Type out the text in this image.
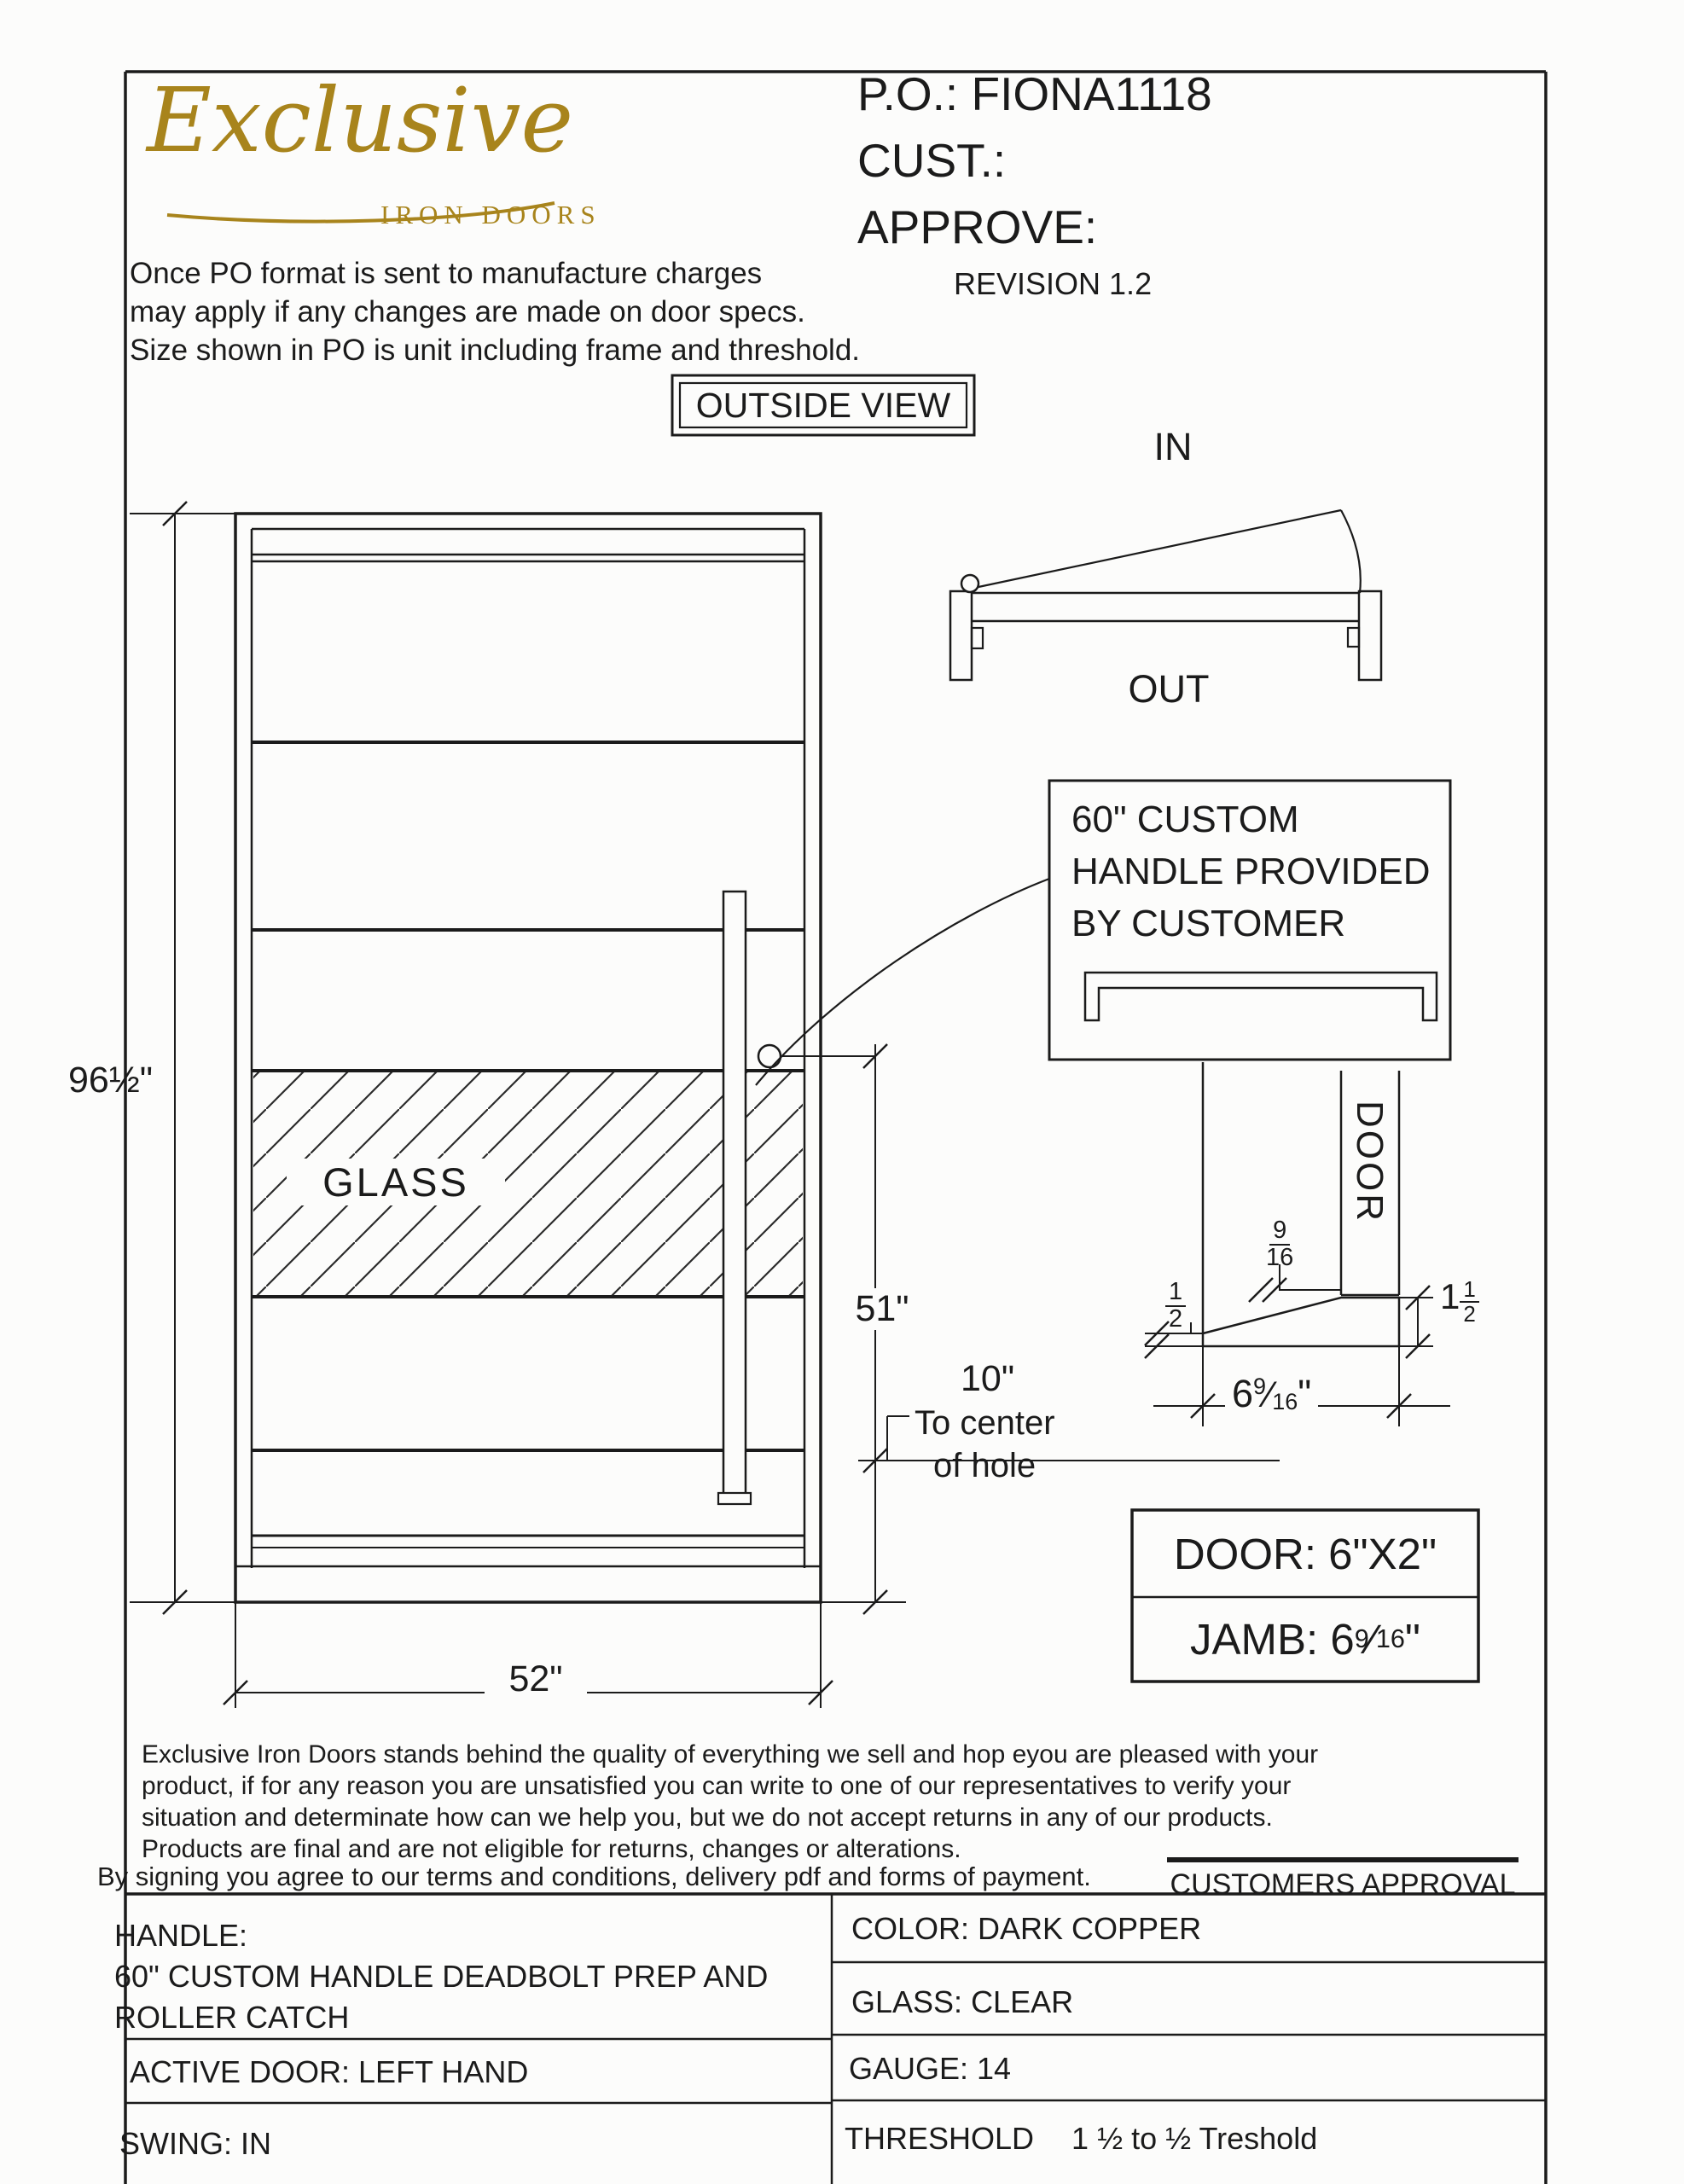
Exclusive
IRON DOORS
P.O.: FIONA1118
CUST.:
APPROVE:
REVISION 1.2
Once PO format is sent to manufacture charges
may apply if any changes are made on door specs.
Size shown in PO is unit including frame and threshold.
OUTSIDE VIEW
IN
OUT
96½"
GLASS
51"
10"
To center
of hole
52"
60" CUSTOM
HANDLE PROVIDED
BY CUSTOMER
DOOR
$\frac{9}{16}$
$\frac{1}{2}$	$1 \frac{1}{2}$
6$^9$⁄16"
DOOR: 6"X2"
JAMB: 6 9 ⁄ 16 "
Exclusive Iron Doors stands behind the quality of everything we sell and hop eyou are pleased with your
product, if for any reason you are unsatisfied you can write to one of our representatives to verify your
situation and determinate how can we help you, but we do not accept returns in any of our products.
Products are final and are not eligible for returns, changes or alterations.
By signing you agree to our terms and conditions, delivery pdf and forms of payment.	CUSTOMERS APPROVAL
HANDLE:
60" CUSTOM HANDLE DEADBOLT PREP AND
ROLLER CATCH
ACTIVE DOOR: LEFT HAND
SWING: IN
COLOR: DARK COPPER
GLASS: CLEAR
GAUGE: 14
THRESHOLD 1 ½ to ½ Treshold
